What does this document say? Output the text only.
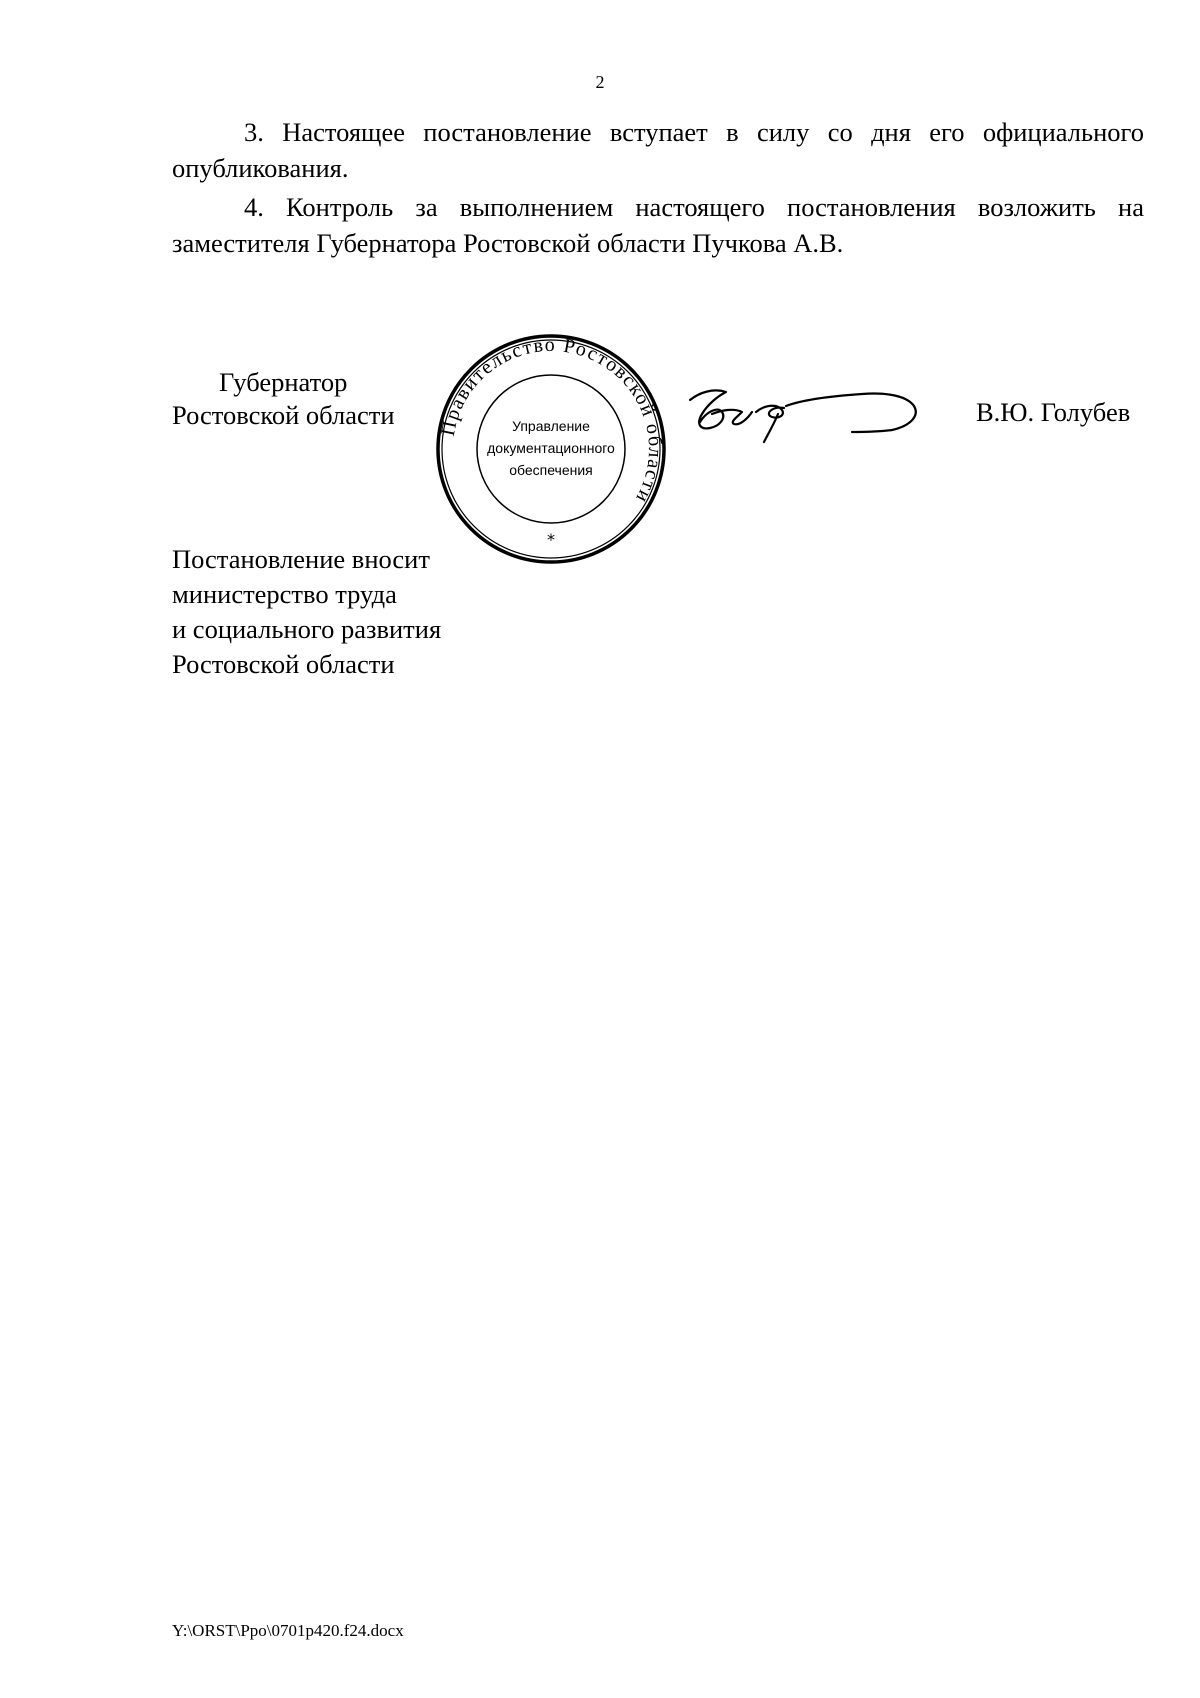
2

3. Настоящее постановление вступает в силу со дня его официального опубликования.

4. Контроль за выполнением настоящего постановления возложить на заместителя Губернатора Ростовской области Пучкова А.В.

Губернатор
Ростовской области Правительство Ростовской области
Управление
документационного
обеспечения
*
В.Ю. Голубев
Постановление вносит
министерство труда
и социального развития
Ростовской области
Y:\ORST\Ppo\0701p420.f24.docx
